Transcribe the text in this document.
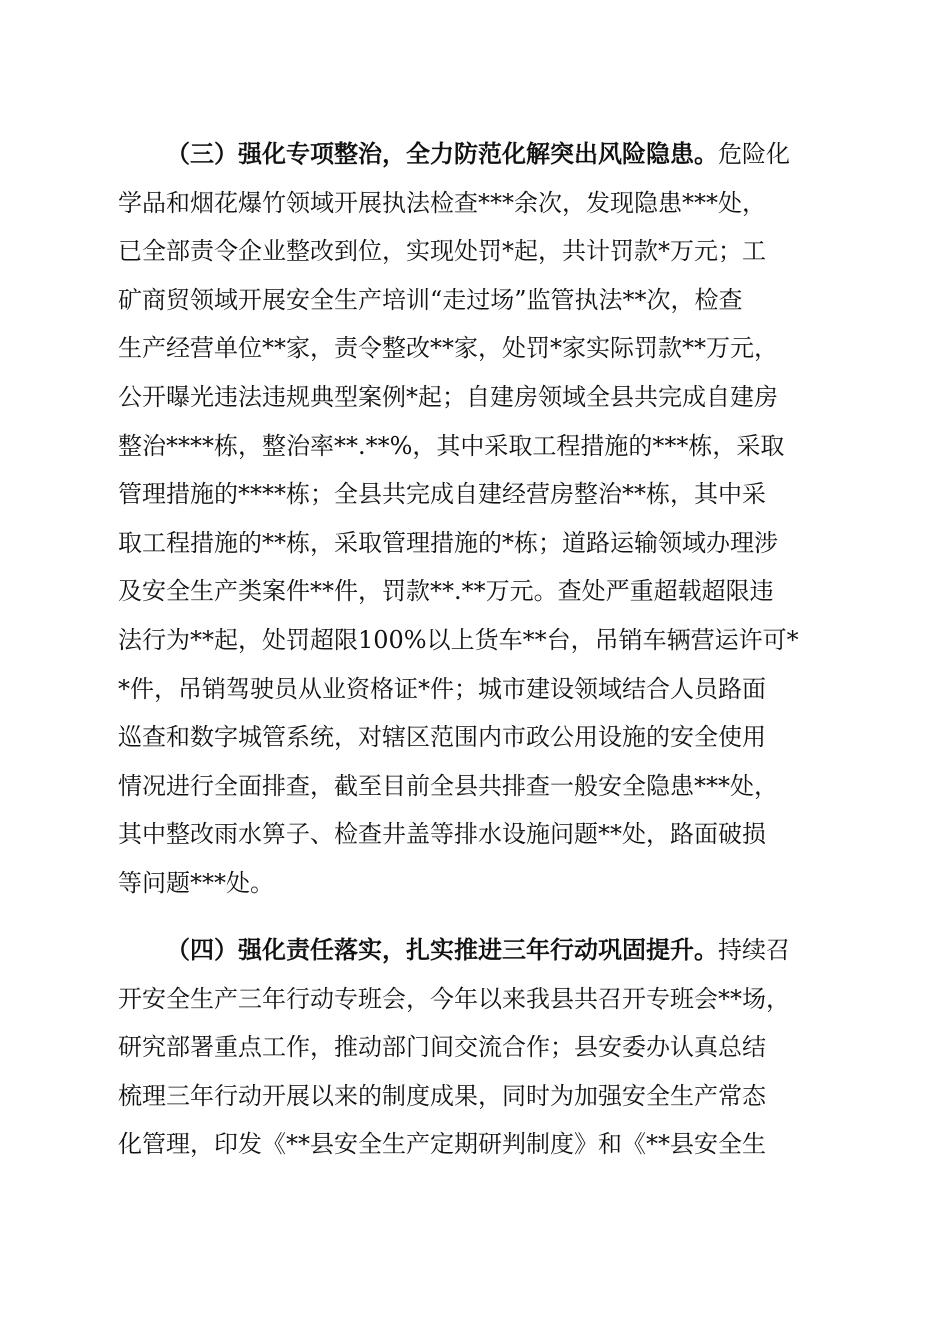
（三）强化专项整治，全力防范化解突出风险隐患。危险化
学品和烟花爆竹领域开展执法检查***余次，发现隐患***处，
已全部责令企业整改到位，实现处罚*起，共计罚款*万元；工
矿商贸领域开展安全生产培训“走过场”监管执法**次，检查
生产经营单位**家，责令整改**家，处罚*家实际罚款**万元，
公开曝光违法违规典型案例*起；自建房领域全县共完成自建房
整治****栋，整治率**.**%，其中采取工程措施的***栋，采取
管理措施的****栋；全县共完成自建经营房整治**栋，其中采
取工程措施的**栋，采取管理措施的*栋；道路运输领域办理涉
及安全生产类案件**件，罚款**.**万元。查处严重超载超限违
法行为**起，处罚超限100%以上货车**台，吊销车辆营运许可*
*件，吊销驾驶员从业资格证*件；城市建设领域结合人员路面
巡查和数字城管系统，对辖区范围内市政公用设施的安全使用
情况进行全面排查，截至目前全县共排查一般安全隐患***处，
其中整改雨水箅子、检查井盖等排水设施问题**处，路面破损
等问题***处。
（四）强化责任落实，扎实推进三年行动巩固提升。持续召
开安全生产三年行动专班会，今年以来我县共召开专班会**场，
研究部署重点工作，推动部门间交流合作；县安委办认真总结
梳理三年行动开展以来的制度成果，同时为加强安全生产常态
化管理，印发《**县安全生产定期研判制度》和《**县安全生
